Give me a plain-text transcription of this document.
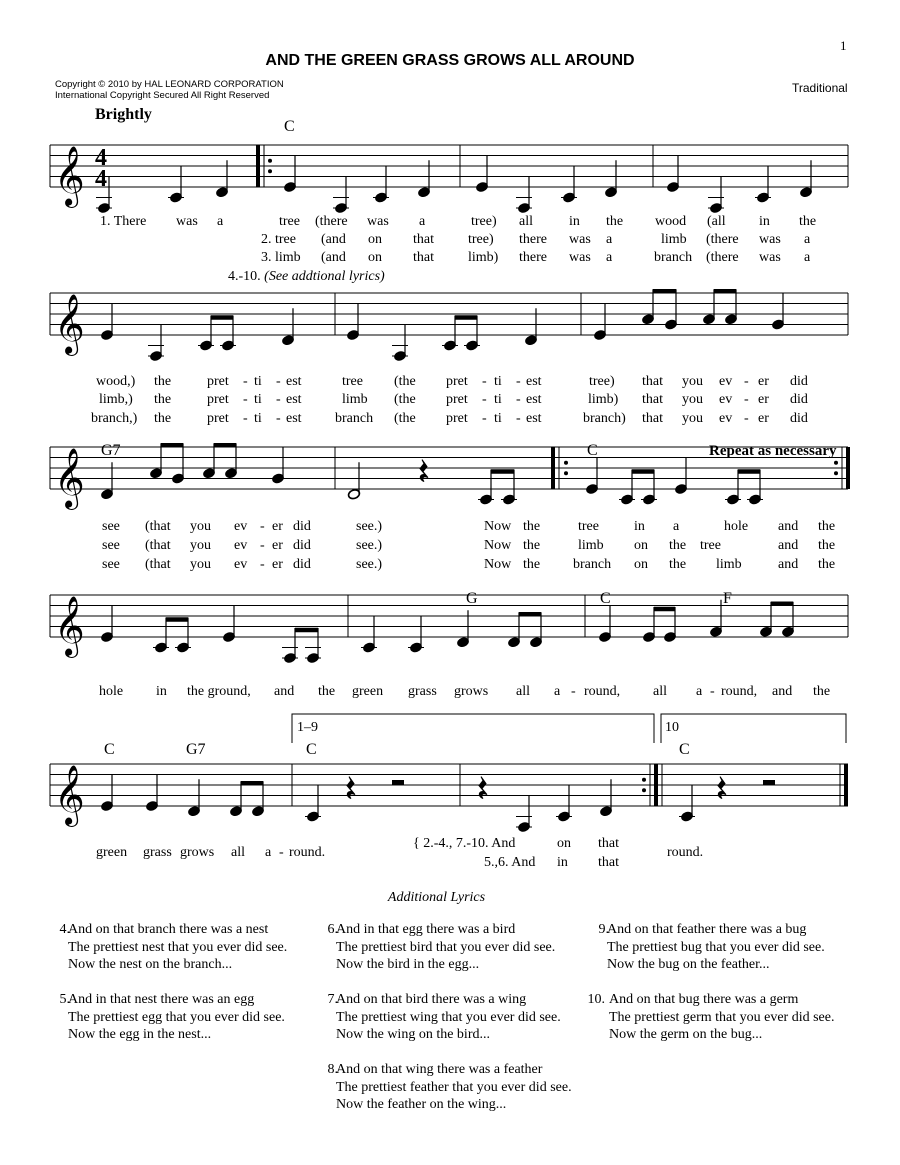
1
AND THE GREEN GRASS GROWS ALL AROUND
Copyright © 2010 by HAL LEONARD CORPORATION
International Copyright Secured All Right Reserved
Traditional
Brightly
Repeat as necessary
𝄞
𝄞
𝄞
𝄞
𝄞
4
4
C
G7	C
G	C	F
C	G7	C	C
1–9	10
1. There was a	tree (there was a	tree) all	in the wood (all in the
2. tree (and on that tree) there was a	limb (there was a
3. limb (and on that limb) there was a	branch (there was a
wood,) the	pret - ti - est	tree (the pret - ti - est	tree) that you ev - er did
limb,) the	pret - ti - est	limb (the pret - ti - est	limb) that you ev - er did
branch,) the	pret - ti - est branch (the pret - ti - est	branch) that you ev - er did
see (that you ev - er did	see.)	Now the	tree	in a	hole and the
see (that you ev - er did	see.)	Now the	limb on the tree	and the
see (that you ev - er did	see.)	Now the branch on the limb	and the
hole in the ground, and the green grass grows all a - round, all a - round, and the
green grass grows all a - round.
{ 2.-4., 7.-10. And	on that
5.,6. And in that
round.
4.-10. (See addtional lyrics)
Additional Lyrics
4.
And on that branch there was a nest
The prettiest nest that you ever did see.
Now the nest on the branch...
5.
And in that nest there was an egg
The prettiest egg that you ever did see.
Now the egg in the nest...
6.
And in that egg there was a bird
The prettiest bird that you ever did see.
Now the bird in the egg...
7.
And on that bird there was a wing
The prettiest wing that you ever did see.
Now the wing on the bird...
8.
And on that wing there was a feather
The prettiest feather that you ever did see.
Now the feather on the wing...
9.
And on that feather there was a bug
The prettiest bug that you ever did see.
Now the bug on the feather...
10. And on that bug there was a germ
The prettiest germ that you ever did see.
Now the germ on the bug...
